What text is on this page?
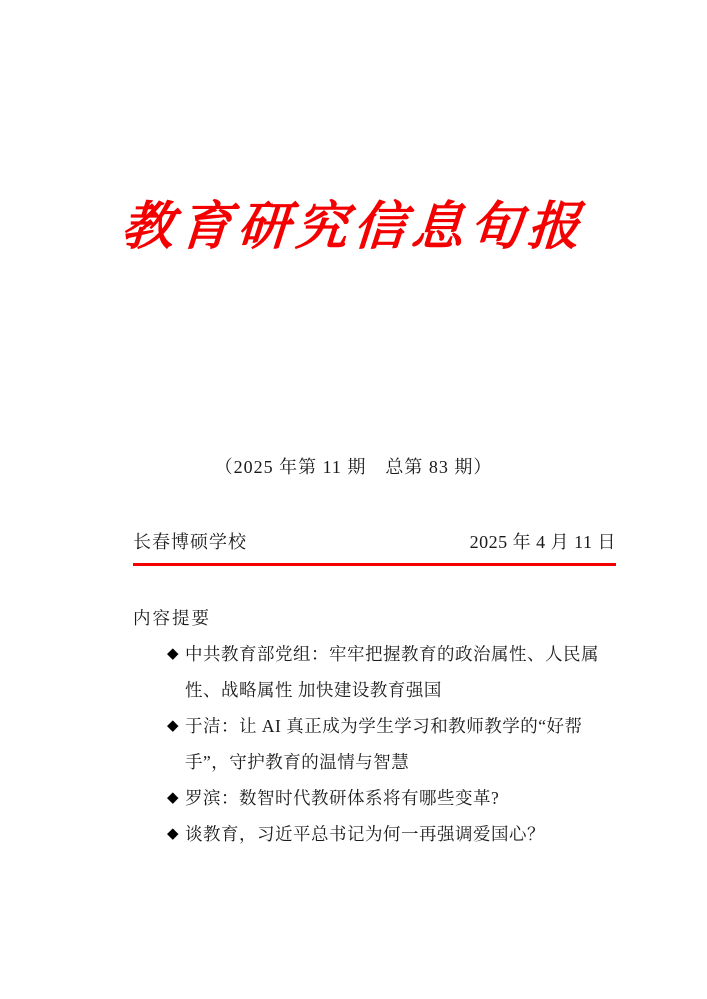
教育研究信息旬报
（2025 年第 11 期　总第 83 期）
长春博硕学校	2025 年 4 月 11 日
内容提要
◆ 中共教育部党组：牢牢把握教育的政治属性、人民属性、战略属性 加快建设教育强国
◆ 于洁：让 AI 真正成为学生学习和教师教学的“好帮手”，守护教育的温情与智慧
◆ 罗滨：数智时代教研体系将有哪些变革?
◆ 谈教育，习近平总书记为何一再强调爱国心？
